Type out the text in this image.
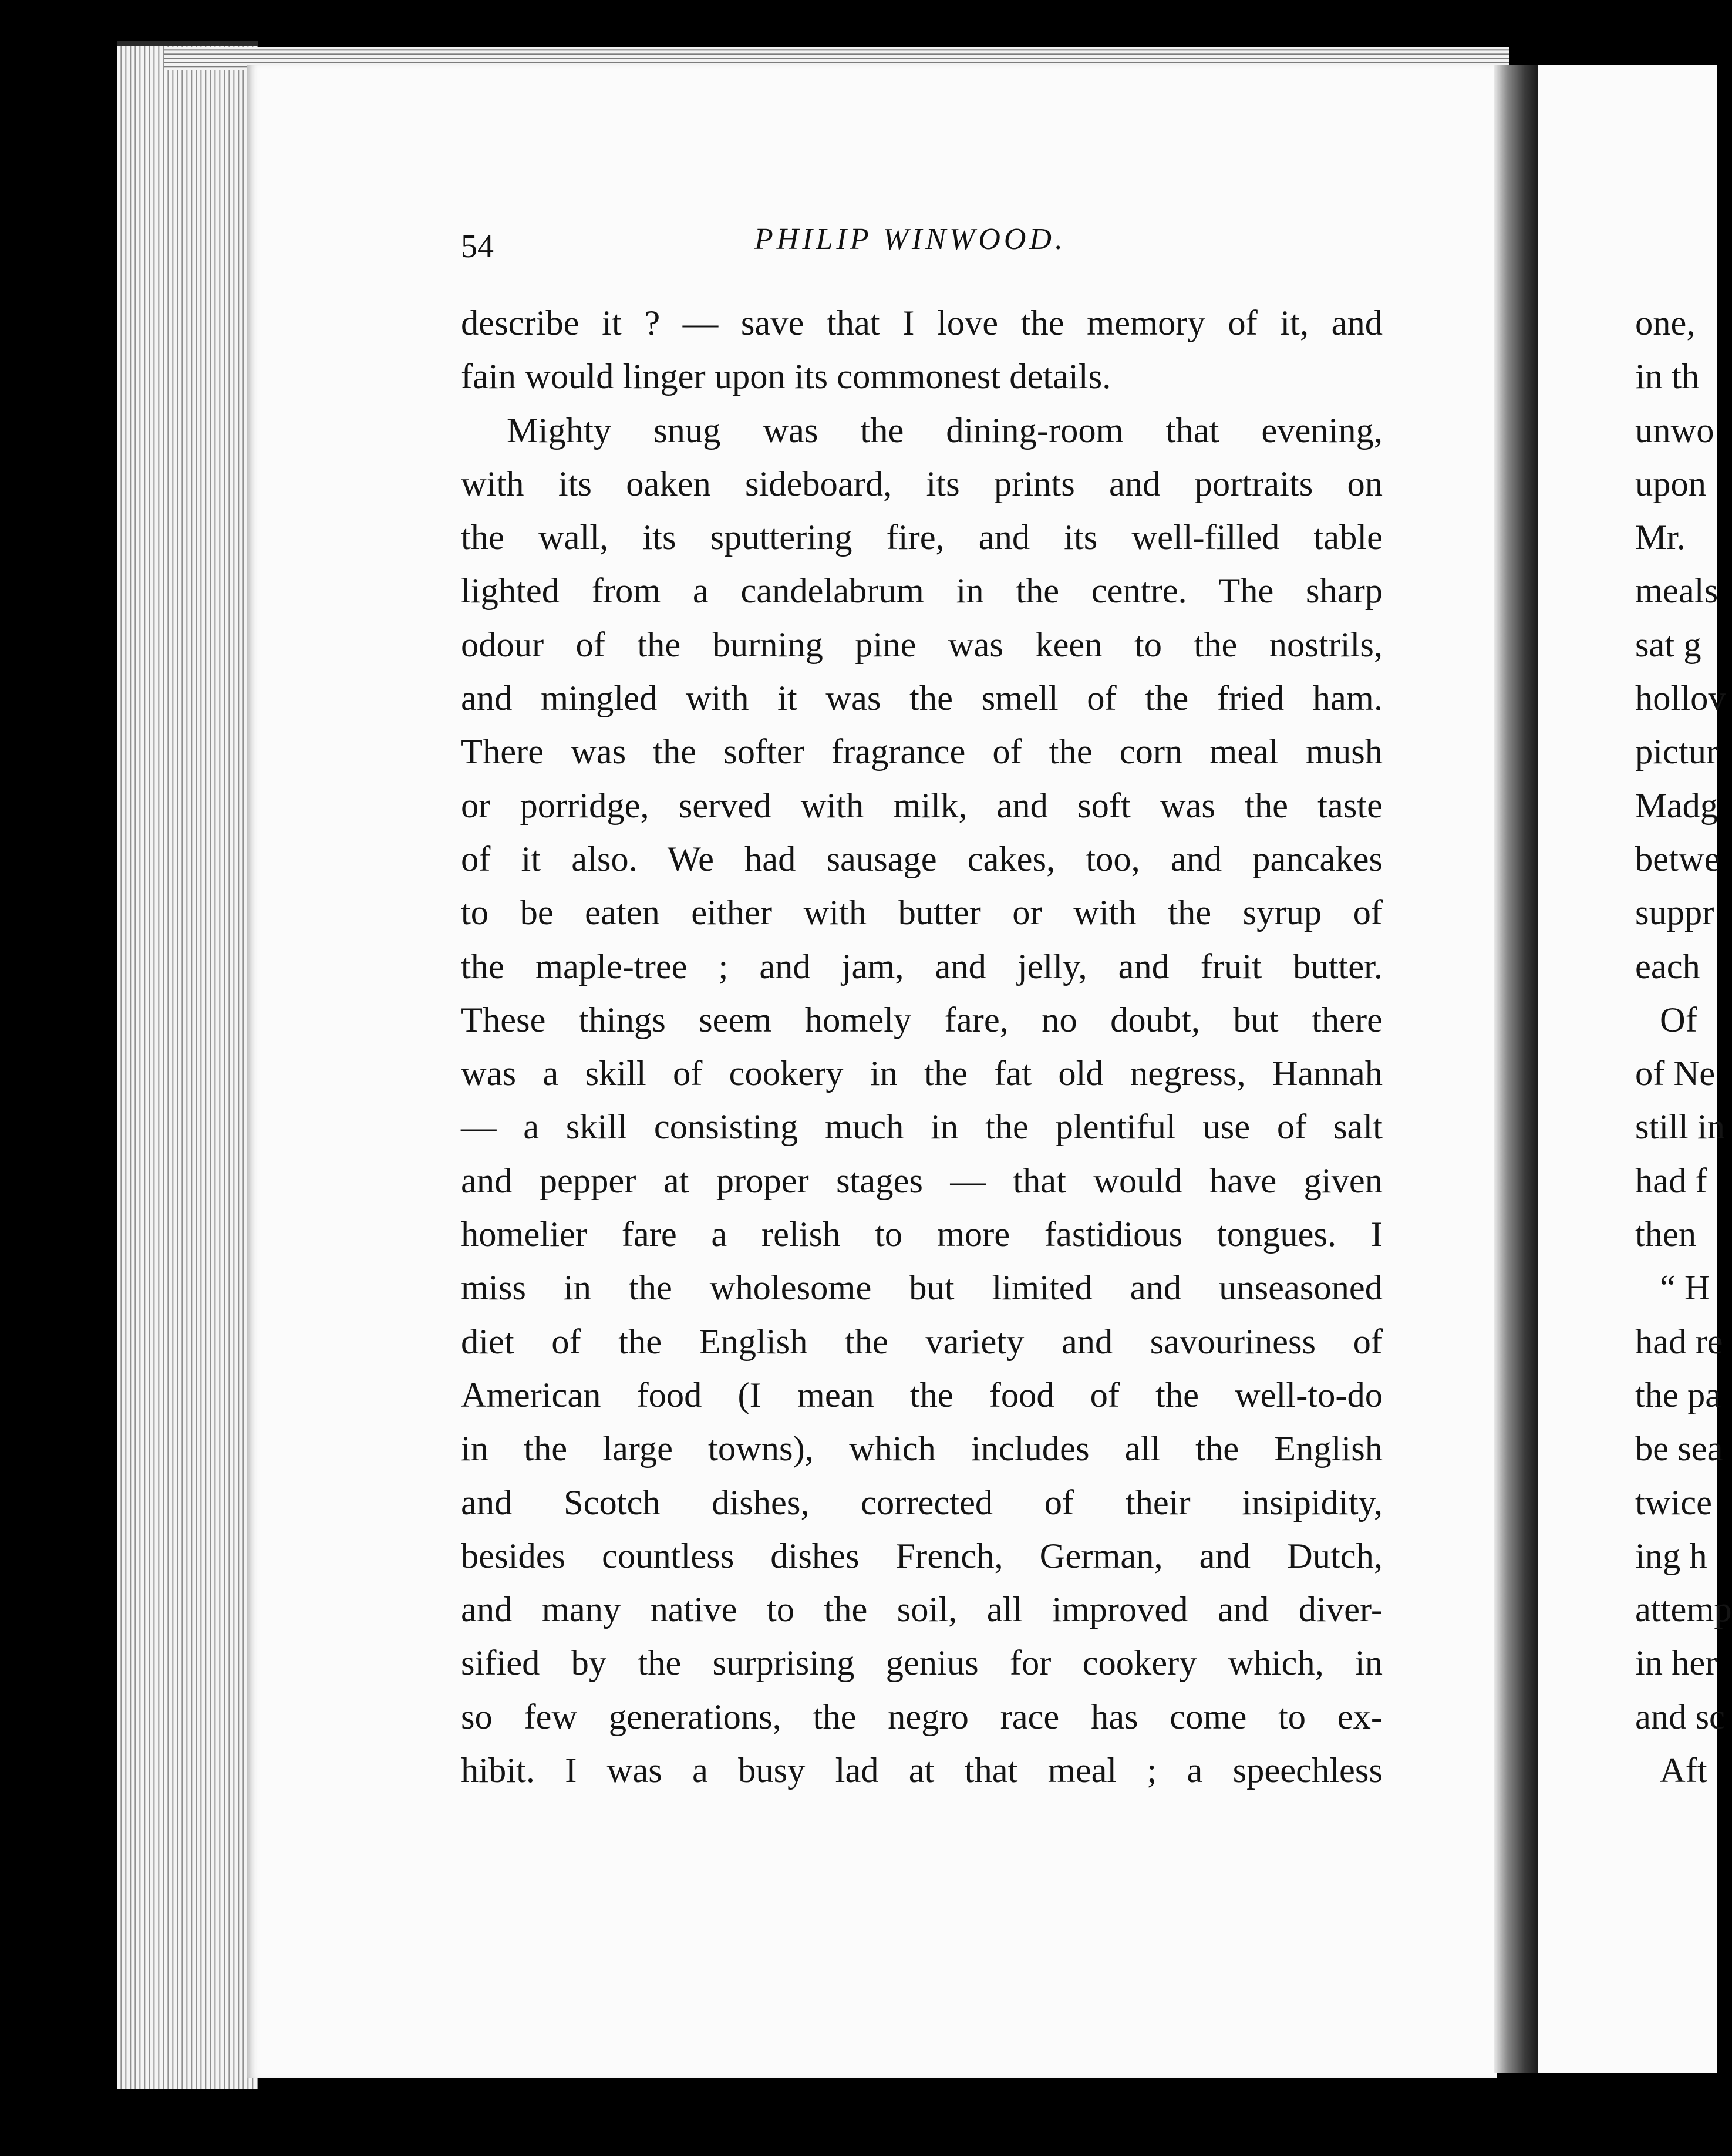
54	PHILIP WINWOOD.
describe it ? — save that I love the memory of it, and
fain would linger upon its commonest details.
Mighty snug was the dining-room that evening,
with its oaken sideboard, its prints and portraits on
the wall, its sputtering fire, and its well-filled table
lighted from a candelabrum in the centre. The sharp
odour of the burning pine was keen to the nostrils,
and mingled with it was the smell of the fried ham.
There was the softer fragrance of the corn meal mush
or porridge, served with milk, and soft was the taste
of it also. We had sausage cakes, too, and pancakes
to be eaten either with butter or with the syrup of
the maple-tree ; and jam, and jelly, and fruit butter.
These things seem homely fare, no doubt, but there
was a skill of cookery in the fat old negress, Hannah
— a skill consisting much in the plentiful use of salt
and pepper at proper stages — that would have given
homelier fare a relish to more fastidious tongues. I
miss in the wholesome but limited and unseasoned
diet of the English the variety and savouriness of
American food (I mean the food of the well-to-do
in the large towns), which includes all the English
and Scotch dishes, corrected of their insipidity,
besides countless dishes French, German, and Dutch,
and many native to the soil, all improved and diver-
sified by the surprising genius for cookery which, in
so few generations, the negro race has come to ex-
hibit. I was a busy lad at that meal ; a speechless
one,
in th
unwo
upon
Mr.
meals
sat g
hollov
pictur
Madg
betwe
suppr
each
Of
of Ne
still in
had f
then
“ H
had re
the pa
be sea
twice
ing h
attemp
in her
and sc
Aft
